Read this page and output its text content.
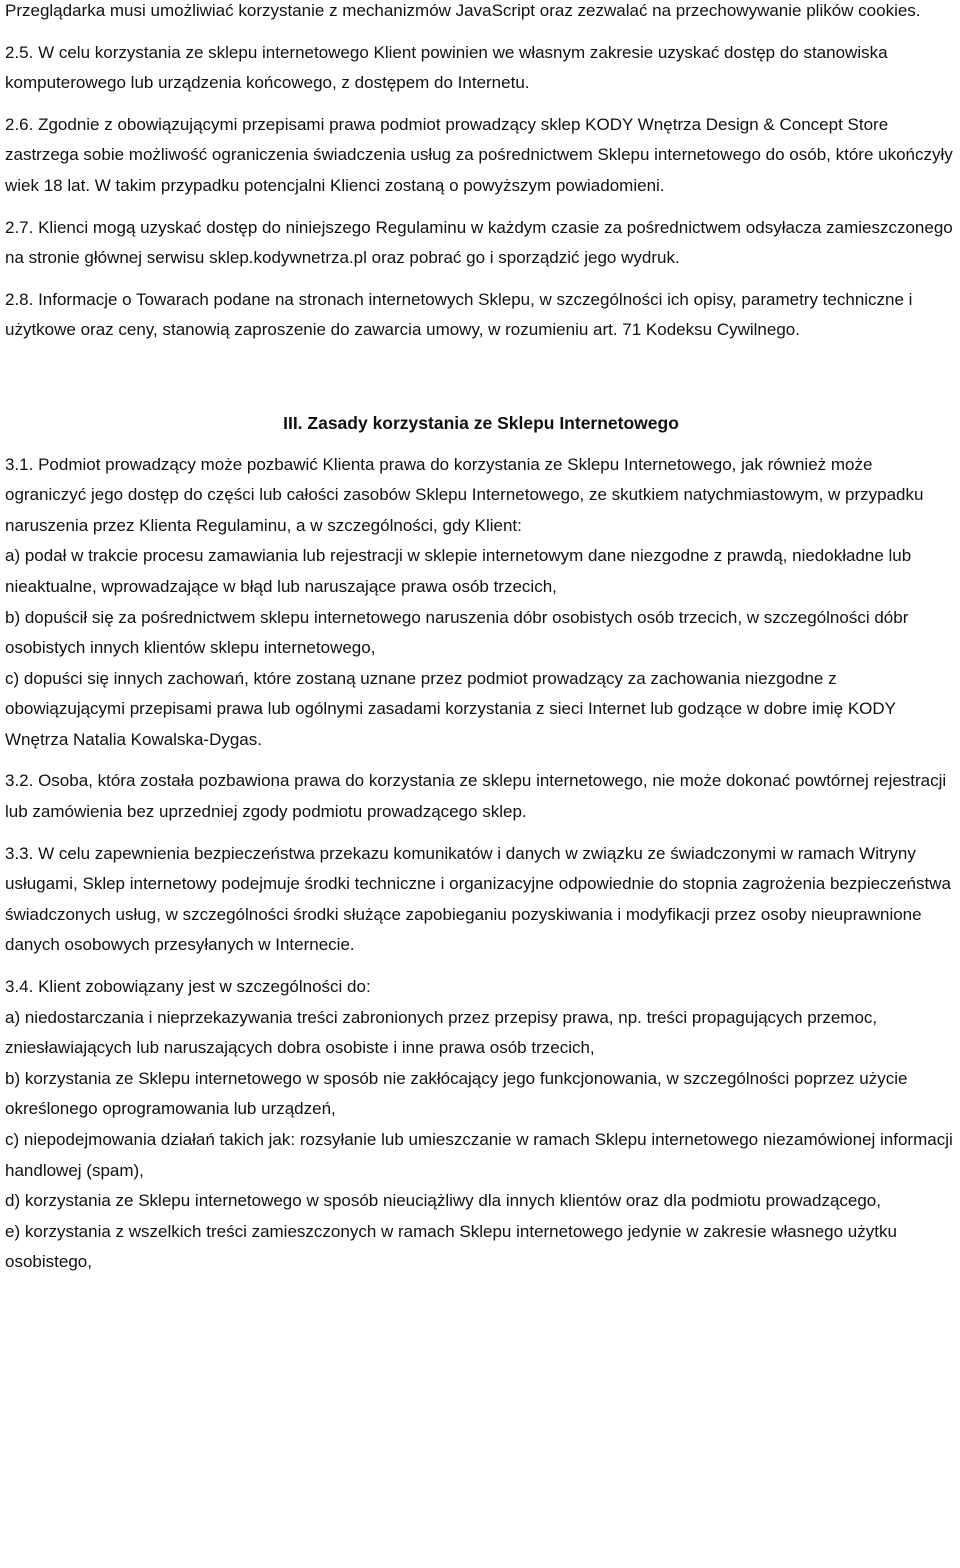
Przeglądarka musi umożliwiać korzystanie z mechanizmów JavaScript oraz zezwalać na przechowywanie plików cookies.

2.5. W celu korzystania ze sklepu internetowego Klient powinien we własnym zakresie uzyskać dostęp do stanowiska komputerowego lub urządzenia końcowego, z dostępem do Internetu.

2.6. Zgodnie z obowiązującymi przepisami prawa podmiot prowadzący sklep KODY Wnętrza Design & Concept Store zastrzega sobie możliwość ograniczenia świadczenia usług za pośrednictwem Sklepu internetowego do osób, które ukończyły wiek 18 lat. W takim przypadku potencjalni Klienci zostaną o powyższym powiadomieni.

2.7. Klienci mogą uzyskać dostęp do niniejszego Regulaminu w każdym czasie za pośrednictwem odsyłacza zamieszczonego na stronie głównej serwisu sklep.kodywnetrza.pl oraz pobrać go i sporządzić jego wydruk.

2.8. Informacje o Towarach podane na stronach internetowych Sklepu, w szczególności ich opisy, parametry techniczne i użytkowe oraz ceny, stanowią zaproszenie do zawarcia umowy, w rozumieniu art. 71 Kodeksu Cywilnego.

III. Zasady korzystania ze Sklepu Internetowego

3.1. Podmiot prowadzący może pozbawić Klienta prawa do korzystania ze Sklepu Internetowego, jak również może ograniczyć jego dostęp do części lub całości zasobów Sklepu Internetowego, ze skutkiem natychmiastowym, w przypadku naruszenia przez Klienta Regulaminu, a w szczególności, gdy Klient:

a) podał w trakcie procesu zamawiania lub rejestracji w sklepie internetowym dane niezgodne z prawdą, niedokładne lub nieaktualne, wprowadzające w błąd lub naruszające prawa osób trzecich,

b) dopuścił się za pośrednictwem sklepu internetowego naruszenia dóbr osobistych osób trzecich, w szczególności dóbr osobistych innych klientów sklepu internetowego,

c) dopuści się innych zachowań, które zostaną uznane przez podmiot prowadzący za zachowania niezgodne z obowiązującymi przepisami prawa lub ogólnymi zasadami korzystania z sieci Internet lub godzące w dobre imię KODY Wnętrza Natalia Kowalska-Dygas.

3.2. Osoba, która została pozbawiona prawa do korzystania ze sklepu internetowego, nie może dokonać powtórnej rejestracji lub zamówienia bez uprzedniej zgody podmiotu prowadzącego sklep.

3.3. W celu zapewnienia bezpieczeństwa przekazu komunikatów i danych w związku ze świadczonymi w ramach Witryny usługami, Sklep internetowy podejmuje środki techniczne i organizacyjne odpowiednie do stopnia zagrożenia bezpieczeństwa świadczonych usług, w szczególności środki służące zapobieganiu pozyskiwania i modyfikacji przez osoby nieuprawnione danych osobowych przesyłanych w Internecie.

3.4. Klient zobowiązany jest w szczególności do:

a) niedostarczania i nieprzekazywania treści zabronionych przez przepisy prawa, np. treści propagujących przemoc, zniesławiających lub naruszających dobra osobiste i inne prawa osób trzecich,

b) korzystania ze Sklepu internetowego w sposób nie zakłócający jego funkcjonowania, w szczególności poprzez użycie określonego oprogramowania lub urządzeń,

c) niepodejmowania działań takich jak: rozsyłanie lub umieszczanie w ramach Sklepu internetowego niezamówionej informacji handlowej (spam),

d) korzystania ze Sklepu internetowego w sposób nieuciążliwy dla innych klientów oraz dla podmiotu prowadzącego,

e) korzystania z wszelkich treści zamieszczonych w ramach Sklepu internetowego jedynie w zakresie własnego użytku osobistego,
